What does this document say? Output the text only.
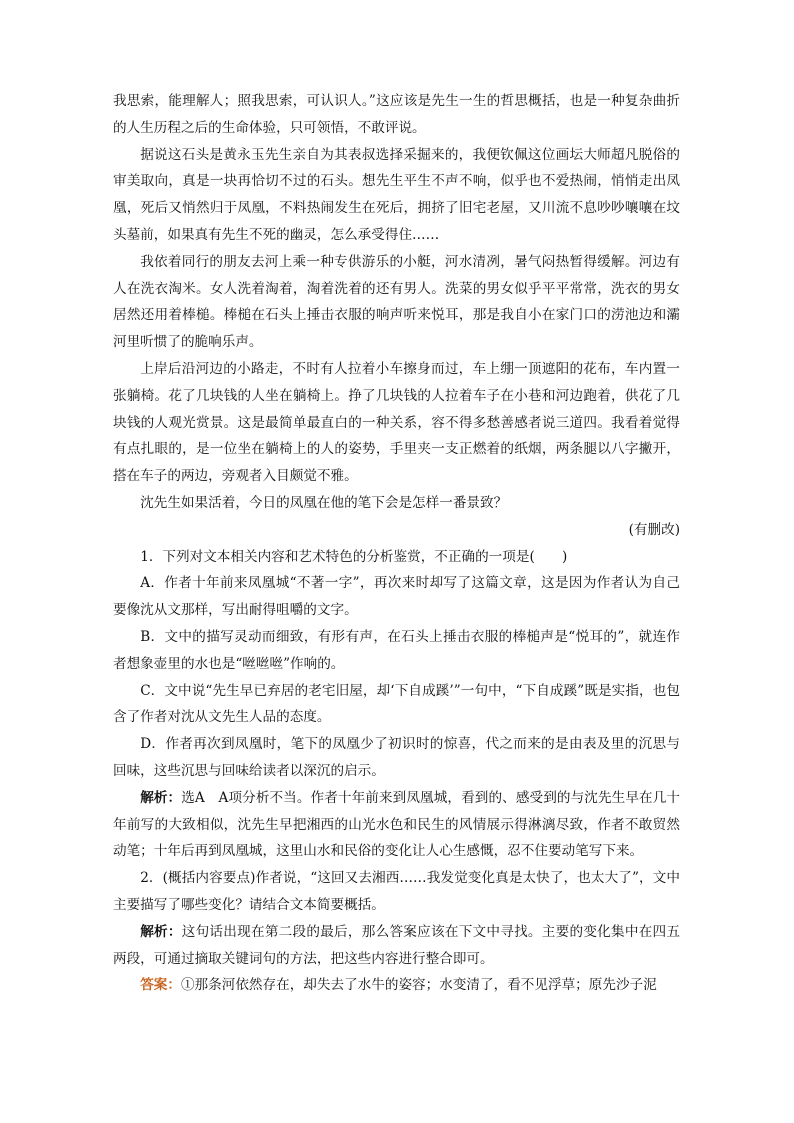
我思索，能理解人；照我思索，可认识人。”这应该是先生一生的哲思概括，也是一种复杂曲折的人生历程之后的生命体验，只可领悟，不敢评说。

据说这石头是黄永玉先生亲自为其表叔选择采掘来的，我便钦佩这位画坛大师超凡脱俗的审美取向，真是一块再恰切不过的石头。想先生平生不声不响，似乎也不爱热闹，悄悄走出凤凰，死后又悄然归于凤凰，不料热闹发生在死后，拥挤了旧宅老屋，又川流不息吵吵嚷嚷在坟头墓前，如果真有先生不死的幽灵，怎么承受得住……

我依着同行的朋友去河上乘一种专供游乐的小艇，河水清冽，暑气闷热暂得缓解。河边有人在洗衣淘米。女人洗着淘着，淘着洗着的还有男人。洗菜的男女似乎平平常常，洗衣的男女居然还用着棒槌。棒槌在石头上捶击衣服的响声听来悦耳，那是我自小在家门口的涝池边和灞河里听惯了的脆响乐声。

上岸后沿河边的小路走，不时有人拉着小车擦身而过，车上绷一顶遮阳的花布，车内置一张躺椅。花了几块钱的人坐在躺椅上。挣了几块钱的人拉着车子在小巷和河边跑着，供花了几块钱的人观光赏景。这是最简单最直白的一种关系，容不得多愁善感者说三道四。我看着觉得有点扎眼的，是一位坐在躺椅上的人的姿势，手里夹一支正燃着的纸烟，两条腿以八字撇开，搭在车子的两边，旁观者入目颇觉不雅。

沈先生如果活着，今日的凤凰在他的笔下会是怎样一番景致？

(有删改)

1．下列对文本相关内容和艺术特色的分析鉴赏，不正确的一项是(　　)

A．作者十年前来凤凰城“不著一字”，再次来时却写了这篇文章，这是因为作者认为自己要像沈从文那样，写出耐得咀嚼的文字。

B．文中的描写灵动而细致，有形有声，在石头上捶击衣服的棒槌声是“悦耳的”，就连作者想象壶里的水也是“咝咝咝”作响的。

C．文中说“先生早已弃居的老宅旧屋，却‘下自成蹊’”一句中，“下自成蹊”既是实指，也包含了作者对沈从文先生人品的态度。

D．作者再次到凤凰时，笔下的凤凰少了初识时的惊喜，代之而来的是由表及里的沉思与回味，这些沉思与回味给读者以深沉的启示。

解析：选A　A项分析不当。作者十年前来到凤凰城，看到的、感受到的与沈先生早在几十年前写的大致相似，沈先生早把湘西的山光水色和民生的风情展示得淋漓尽致，作者不敢贸然动笔；十年后再到凤凰城，这里山水和民俗的变化让人心生感慨，忍不住要动笔写下来。

2．(概括内容要点)作者说，“这回又去湘西……我发觉变化真是太快了，也太大了”，文中主要描写了哪些变化？请结合文本简要概括。

解析：这句话出现在第二段的最后，那么答案应该在下文中寻找。主要的变化集中在四五两段，可通过摘取关键词句的方法，把这些内容进行整合即可。

答案：①那条河依然存在，却失去了水牛的姿容；水变清了，看不见浮草；原先沙子泥
